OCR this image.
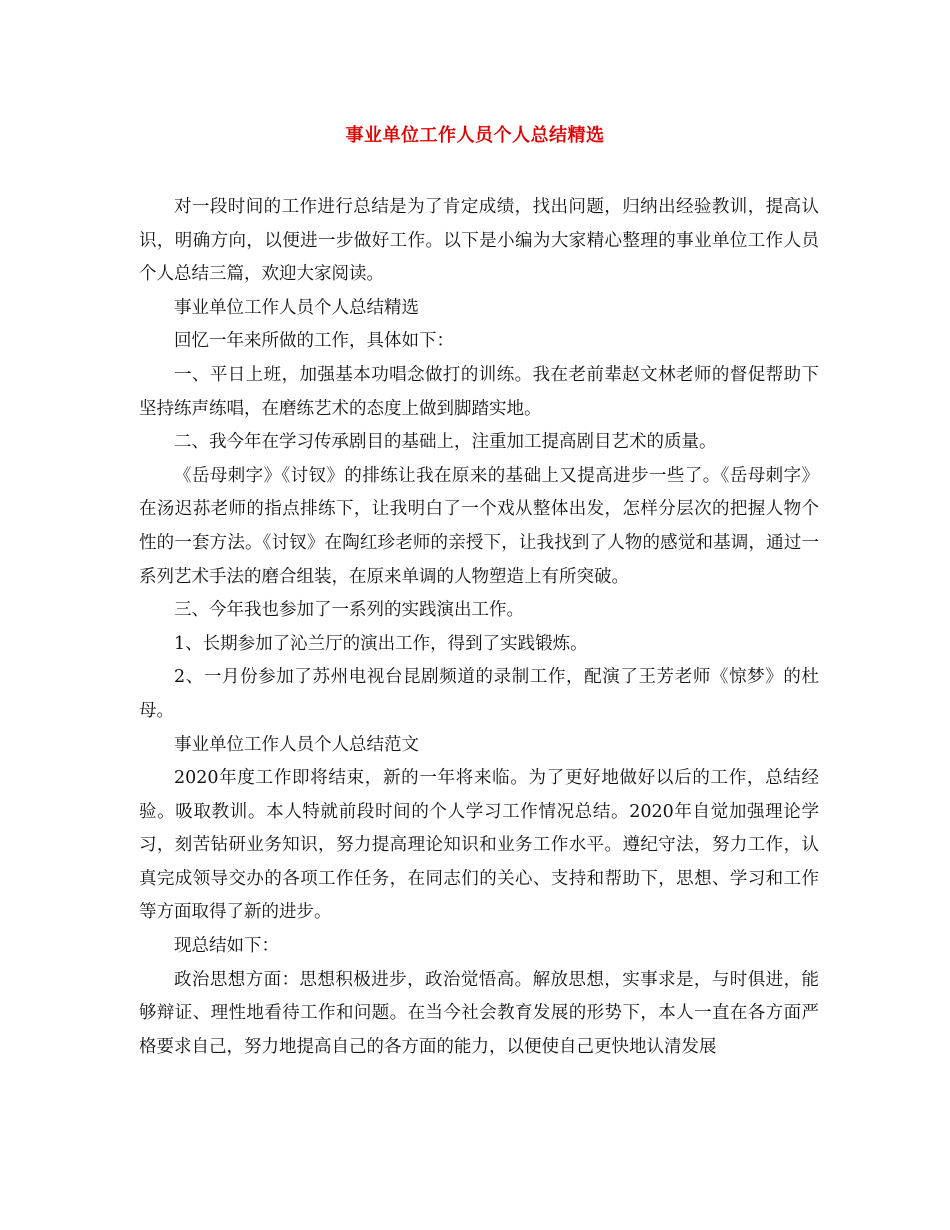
事业单位工作人员个人总结精选

对一段时间的工作进行总结是为了肯定成绩，找出问题，归纳出经验教训，提高认识，明确方向，以便进一步做好工作。以下是小编为大家精心整理的事业单位工作人员个人总结三篇，欢迎大家阅读。

事业单位工作人员个人总结精选

回忆一年来所做的工作，具体如下：

一、平日上班，加强基本功唱念做打的训练。我在老前辈赵文林老师的督促帮助下坚持练声练唱，在磨练艺术的态度上做到脚踏实地。

二、我今年在学习传承剧目的基础上，注重加工提高剧目艺术的质量。

《岳母刺字》《讨钗》的排练让我在原来的基础上又提高进步一些了。《岳母刺字》在汤迟荪老师的指点排练下，让我明白了一个戏从整体出发，怎样分层次的把握人物个性的一套方法。《讨钗》在陶红珍老师的亲授下，让我找到了人物的感觉和基调，通过一系列艺术手法的磨合组装，在原来单调的人物塑造上有所突破。

三、今年我也参加了一系列的实践演出工作。

1、长期参加了沁兰厅的演出工作，得到了实践锻炼。

2、一月份参加了苏州电视台昆剧频道的录制工作，配演了王芳老师《惊梦》的杜母。

事业单位工作人员个人总结范文

2020年度工作即将结束，新的一年将来临。为了更好地做好以后的工作，总结经验。吸取教训。本人特就前段时间的个人学习工作情况总结。2020年自觉加强理论学习，刻苦钻研业务知识，努力提高理论知识和业务工作水平。遵纪守法，努力工作，认真完成领导交办的各项工作任务，在同志们的关心、支持和帮助下，思想、学习和工作等方面取得了新的进步。

现总结如下：

政治思想方面：思想积极进步，政治觉悟高。解放思想，实事求是，与时俱进，能够辩证、理性地看待工作和问题。在当今社会教育发展的形势下，本人一直在各方面严格要求自己，努力地提高自己的各方面的能力，以便使自己更快地认清发展
